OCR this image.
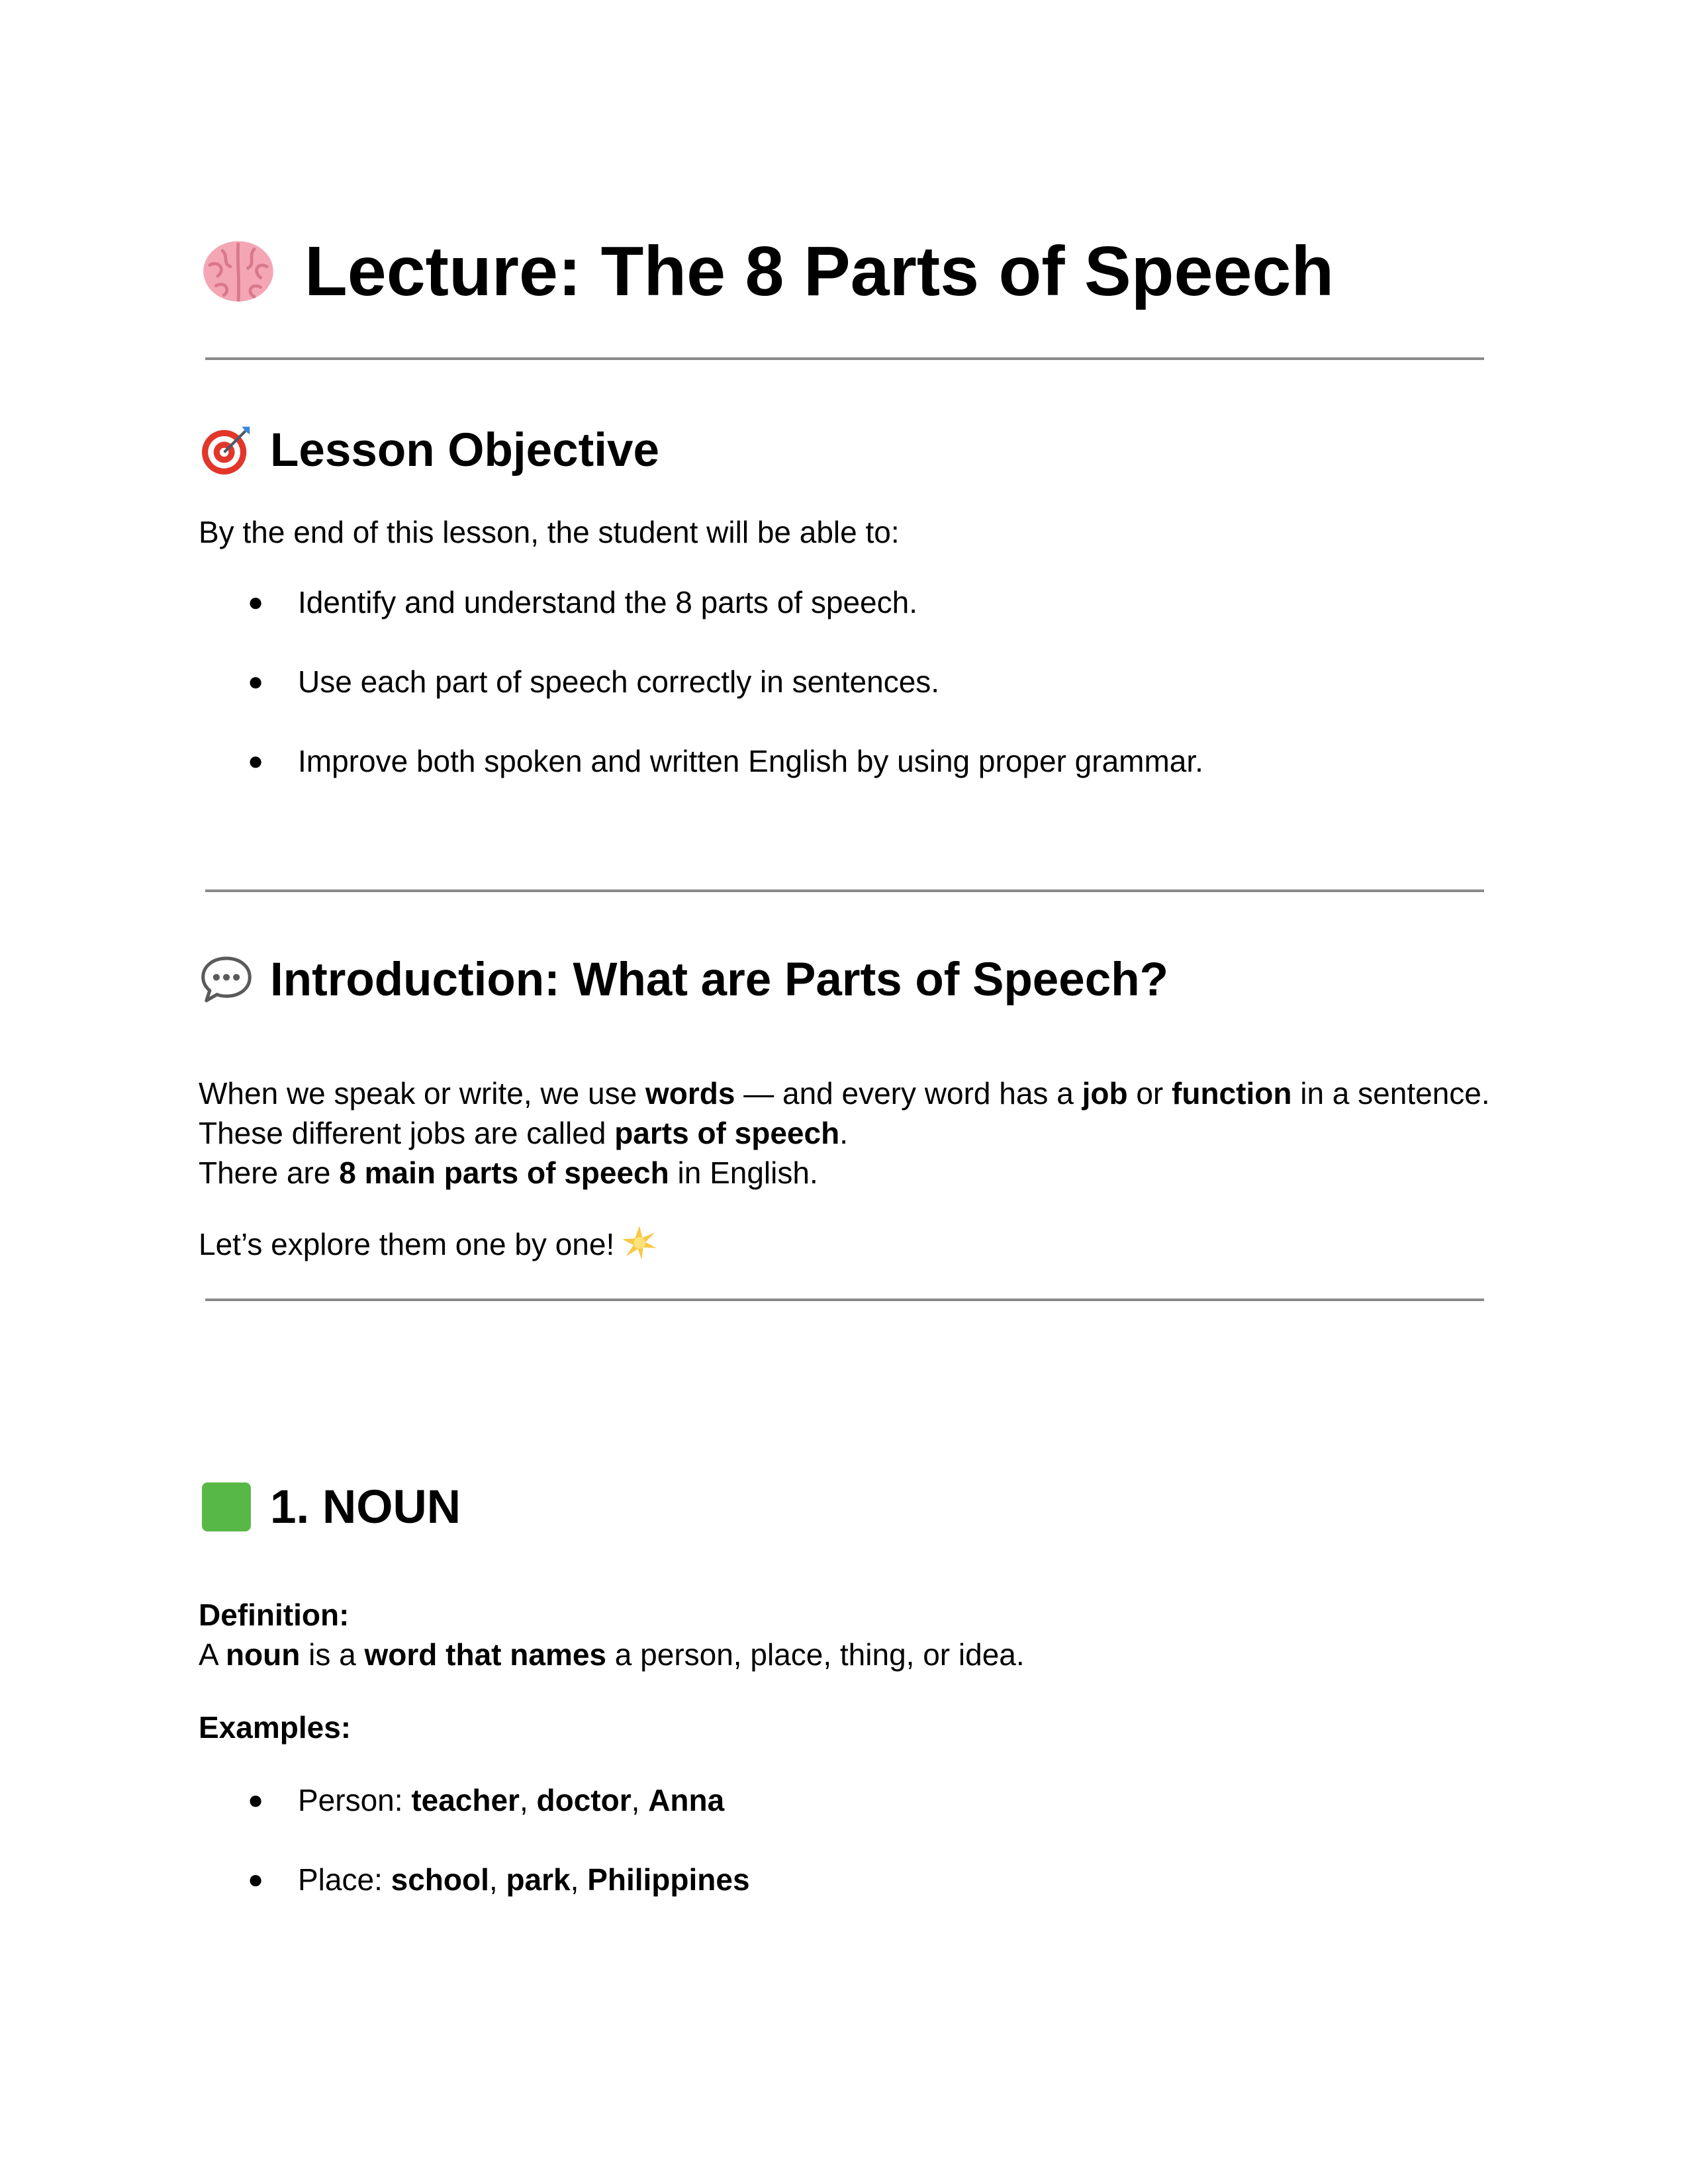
Lecture: The 8 Parts of Speech
Lesson Objective
By the end of this lesson, the student will be able to:
● Identify and understand the 8 parts of speech.
● Use each part of speech correctly in sentences.
● Improve both spoken and written English by using proper grammar.
Introduction: What are Parts of Speech?
When we speak or write, we use words — and every word has a job or function in a sentence.
These different jobs are called parts of speech.
There are 8 main parts of speech in English.
Let’s explore them one by one!
1. NOUN
Definition:
A noun is a word that names a person, place, thing, or idea.
Examples:
● Person: teacher, doctor, Anna
● Place: school, park, Philippines
